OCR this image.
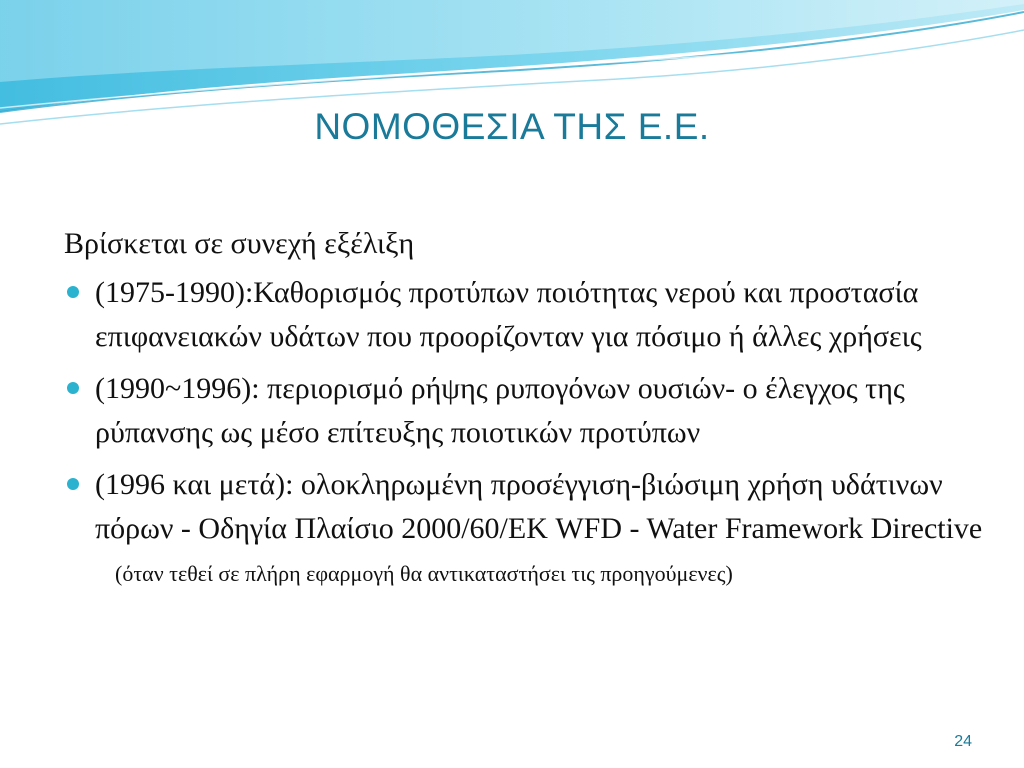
ΝΟΜΟΘΕΣΙΑ ΤΗΣ Ε.Ε.

Βρίσκεται σε συνεχή εξέλιξη

(1975-1990):Καθορισμός προτύπων ποιότητας νερού και προστασία επιφανειακών υδάτων που προορίζονταν για πόσιμο ή άλλες χρήσεις
(1990~1996): περιορισμό ρήψης ρυπογόνων ουσιών- ο έλεγχος της ρύπανσης ως μέσο επίτευξης ποιοτικών προτύπων
(1996 και μετά): ολοκληρωμένη προσέγγιση-βιώσιμη χρήση υδάτινων πόρων - Οδηγία Πλαίσιο 2000/60/ΕΚ WFD - Water Framework Directive

(όταν τεθεί σε πλήρη εφαρμογή θα αντικαταστήσει τις προηγούμενες)

24
